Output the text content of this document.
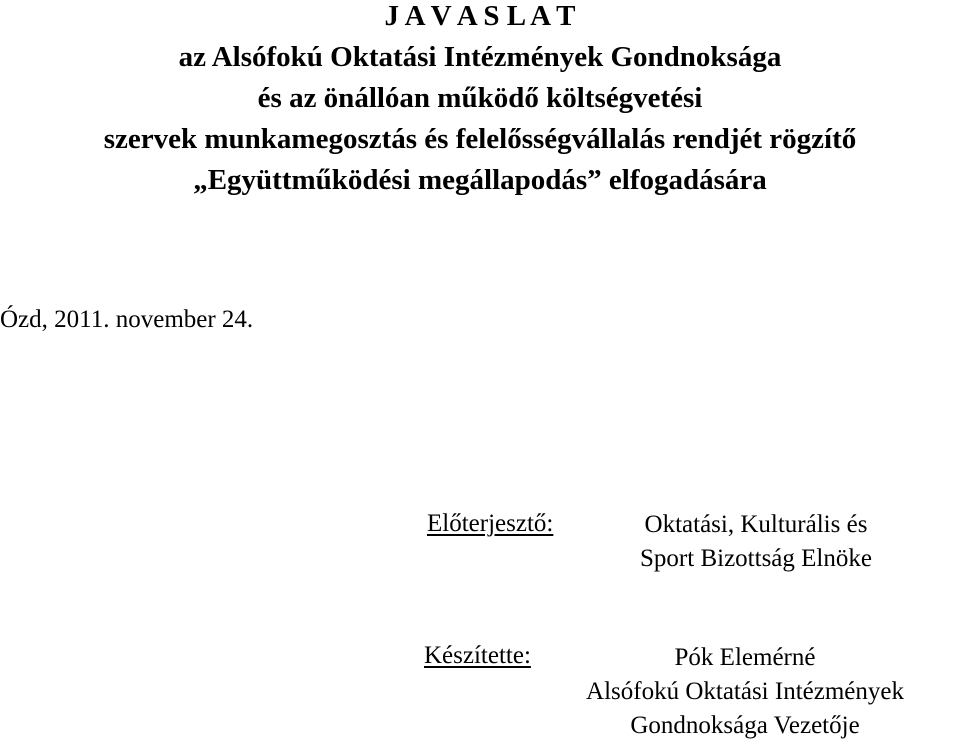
J A V A S L A T
az Alsófokú Oktatási Intézmények Gondnoksága
és az önállóan működő költségvetési
szervek munkamegosztás és felelősségvállalás rendjét rögzítő
„Együttműködési megállapodás” elfogadására
Ózd, 2011. november 24.
Előterjesztő:	Oktatási, Kulturális és
Sport Bizottság Elnöke
Készítette:	Pók Elemérné
Alsófokú Oktatási Intézmények
Gondnoksága Vezetője
